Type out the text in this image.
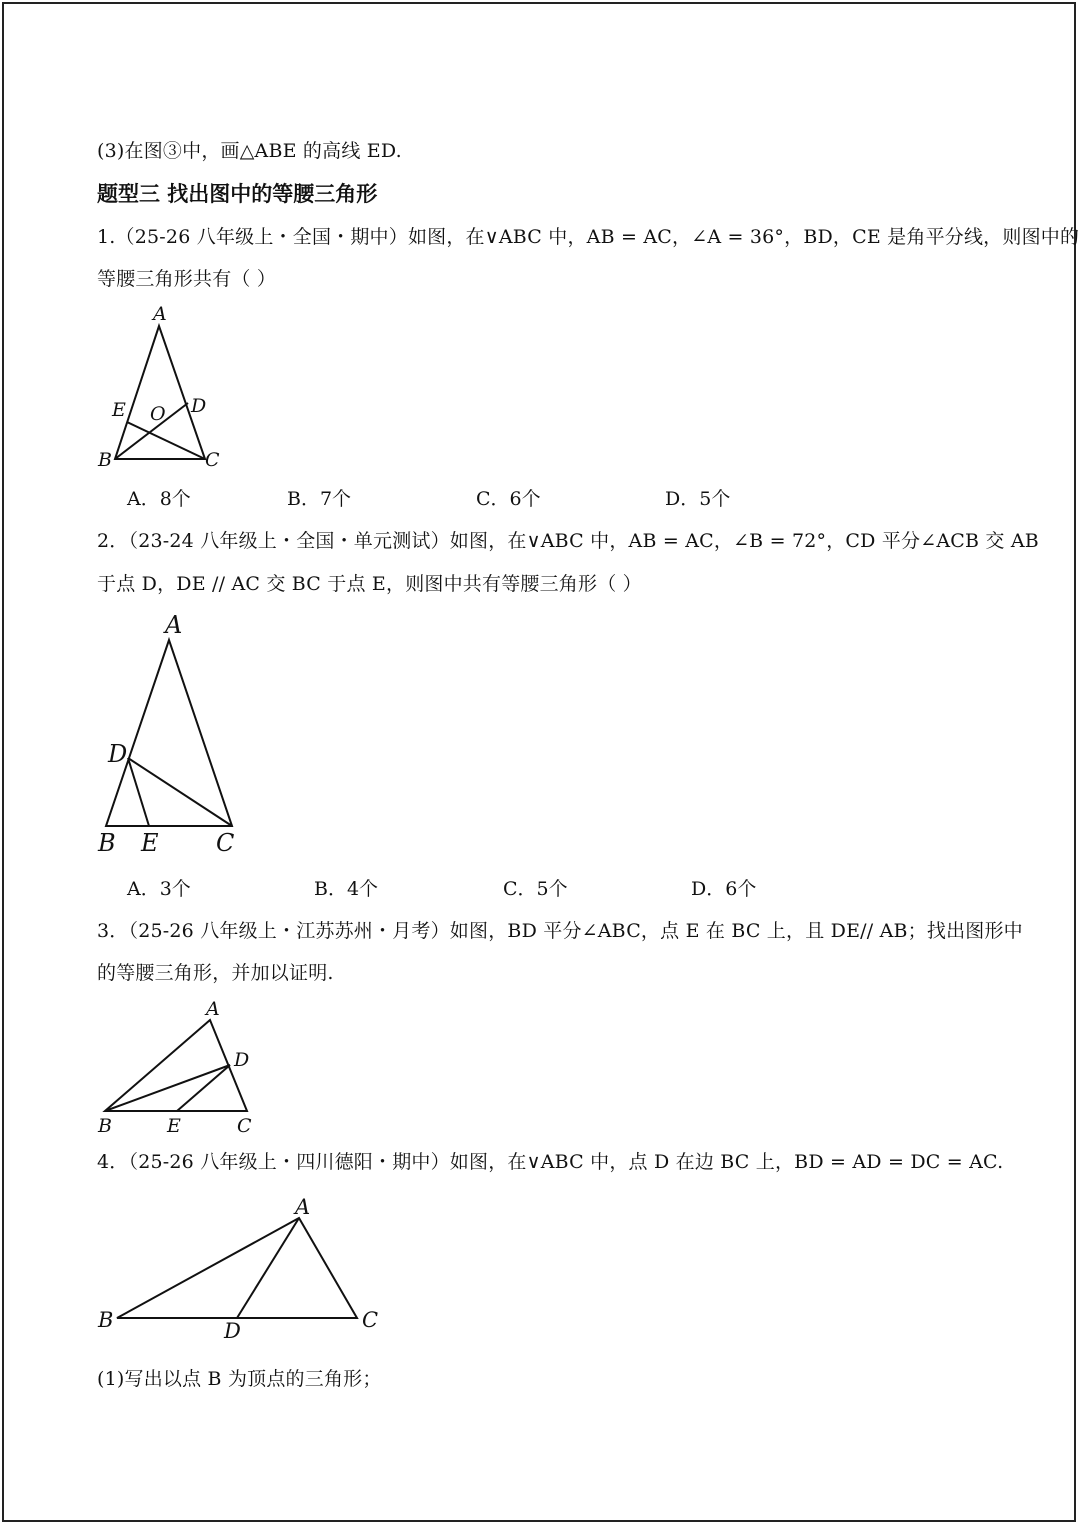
(3)在图③中，画△ABE 的高线 ED.
题型三 找出图中的等腰三角形
1.（25-26 八年级上・全国・期中）如图，在∨ABC 中，AB = AC，∠A = 36°，BD，CE 是角平分线，则图中的
等腰三角形共有（ ）
A
B	C
D
E O
A．8个	B．7个	C．6个	D．5个
2．（23-24 八年级上・全国・单元测试）如图，在∨ABC 中，AB = AC，∠B = 72°，CD 平分∠ACB 交 AB
于点 D，DE // AC 交 BC 于点 E，则图中共有等腰三角形（ ）
A
B	C
D
E
A．3个	B．4个	C．5个	D．6个
3．（25-26 八年级上・江苏苏州・月考）如图，BD 平分∠ABC，点 E 在 BC 上，且 DE// AB；找出图形中
的等腰三角形，并加以证明.
A
B	C
D
E
4．（25-26 八年级上・四川德阳・期中）如图，在∨ABC 中，点 D 在边 BC 上，BD = AD = DC = AC.
A
B	C
D
(1)写出以点 B 为顶点的三角形；
